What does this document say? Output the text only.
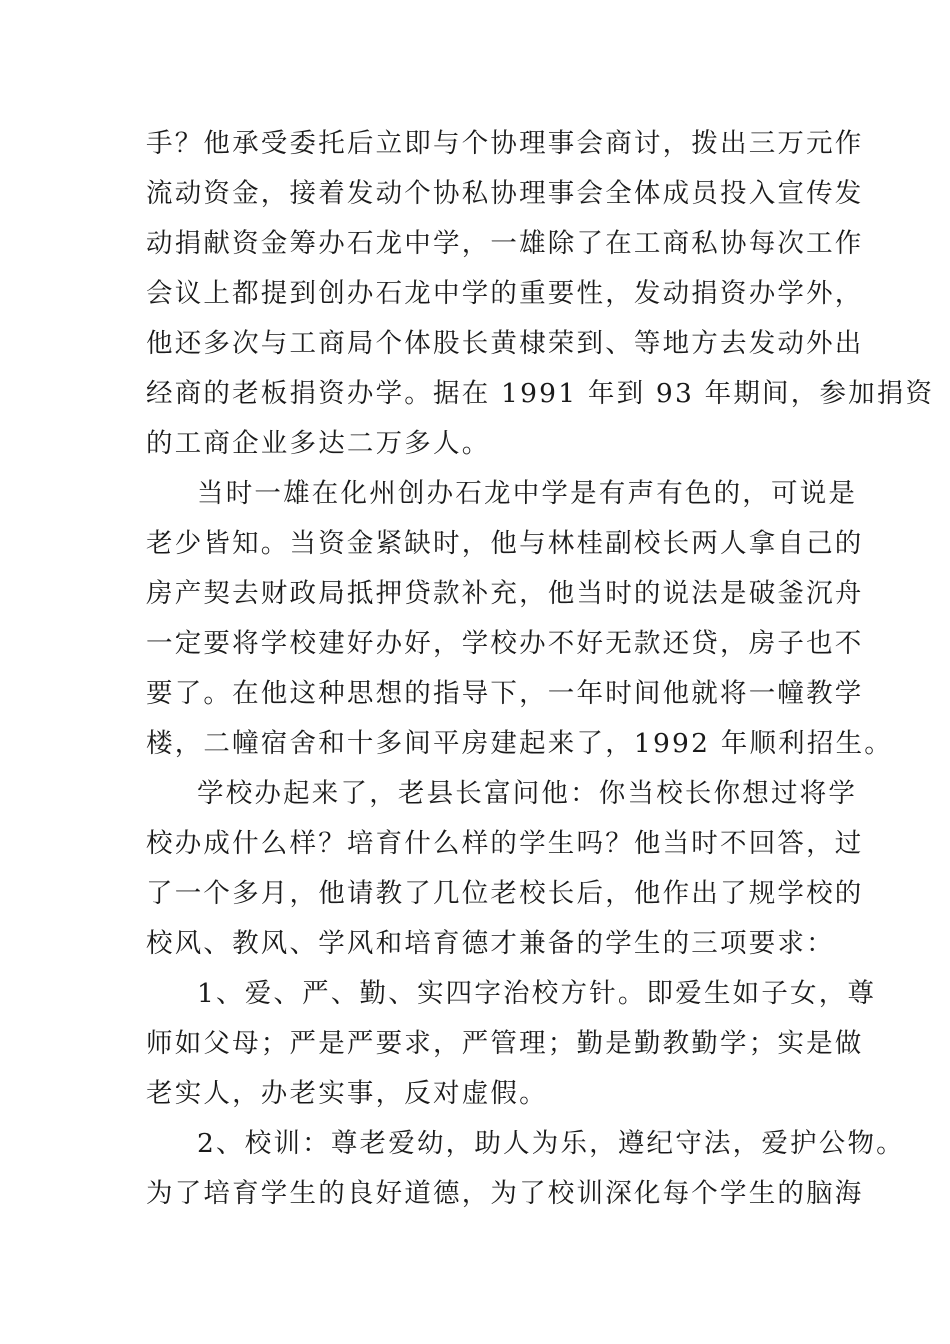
手？他承受委托后立即与个协理事会商讨，拨出三万元作
流动资金，接着发动个协私协理事会全体成员投入宣传发
动捐献资金筹办石龙中学，一雄除了在工商私协每次工作
会议上都提到创办石龙中学的重要性，发动捐资办学外，
他还多次与工商局个体股长黄棣荣到、等地方去发动外出
经商的老板捐资办学。据在 1991 年到 93 年期间，参加捐资
的工商企业多达二万多人。
当时一雄在化州创办石龙中学是有声有色的，可说是
老少皆知。当资金紧缺时，他与林桂副校长两人拿自己的
房产契去财政局抵押贷款补充，他当时的说法是破釜沉舟
一定要将学校建好办好，学校办不好无款还贷，房子也不
要了。在他这种思想的指导下，一年时间他就将一幢教学
楼，二幢宿舍和十多间平房建起来了，1992 年顺利招生。
学校办起来了，老县长富问他：你当校长你想过将学
校办成什么样？培育什么样的学生吗？他当时不回答，过
了一个多月，他请教了几位老校长后，他作出了规学校的
校风、教风、学风和培育德才兼备的学生的三项要求：
1、爱、严、勤、实四字治校方针。即爱生如子女，尊
师如父母；严是严要求，严管理；勤是勤教勤学；实是做
老实人，办老实事，反对虚假。
2、校训：尊老爱幼，助人为乐，遵纪守法，爱护公物。
为了培育学生的良好道德，为了校训深化每个学生的脑海
